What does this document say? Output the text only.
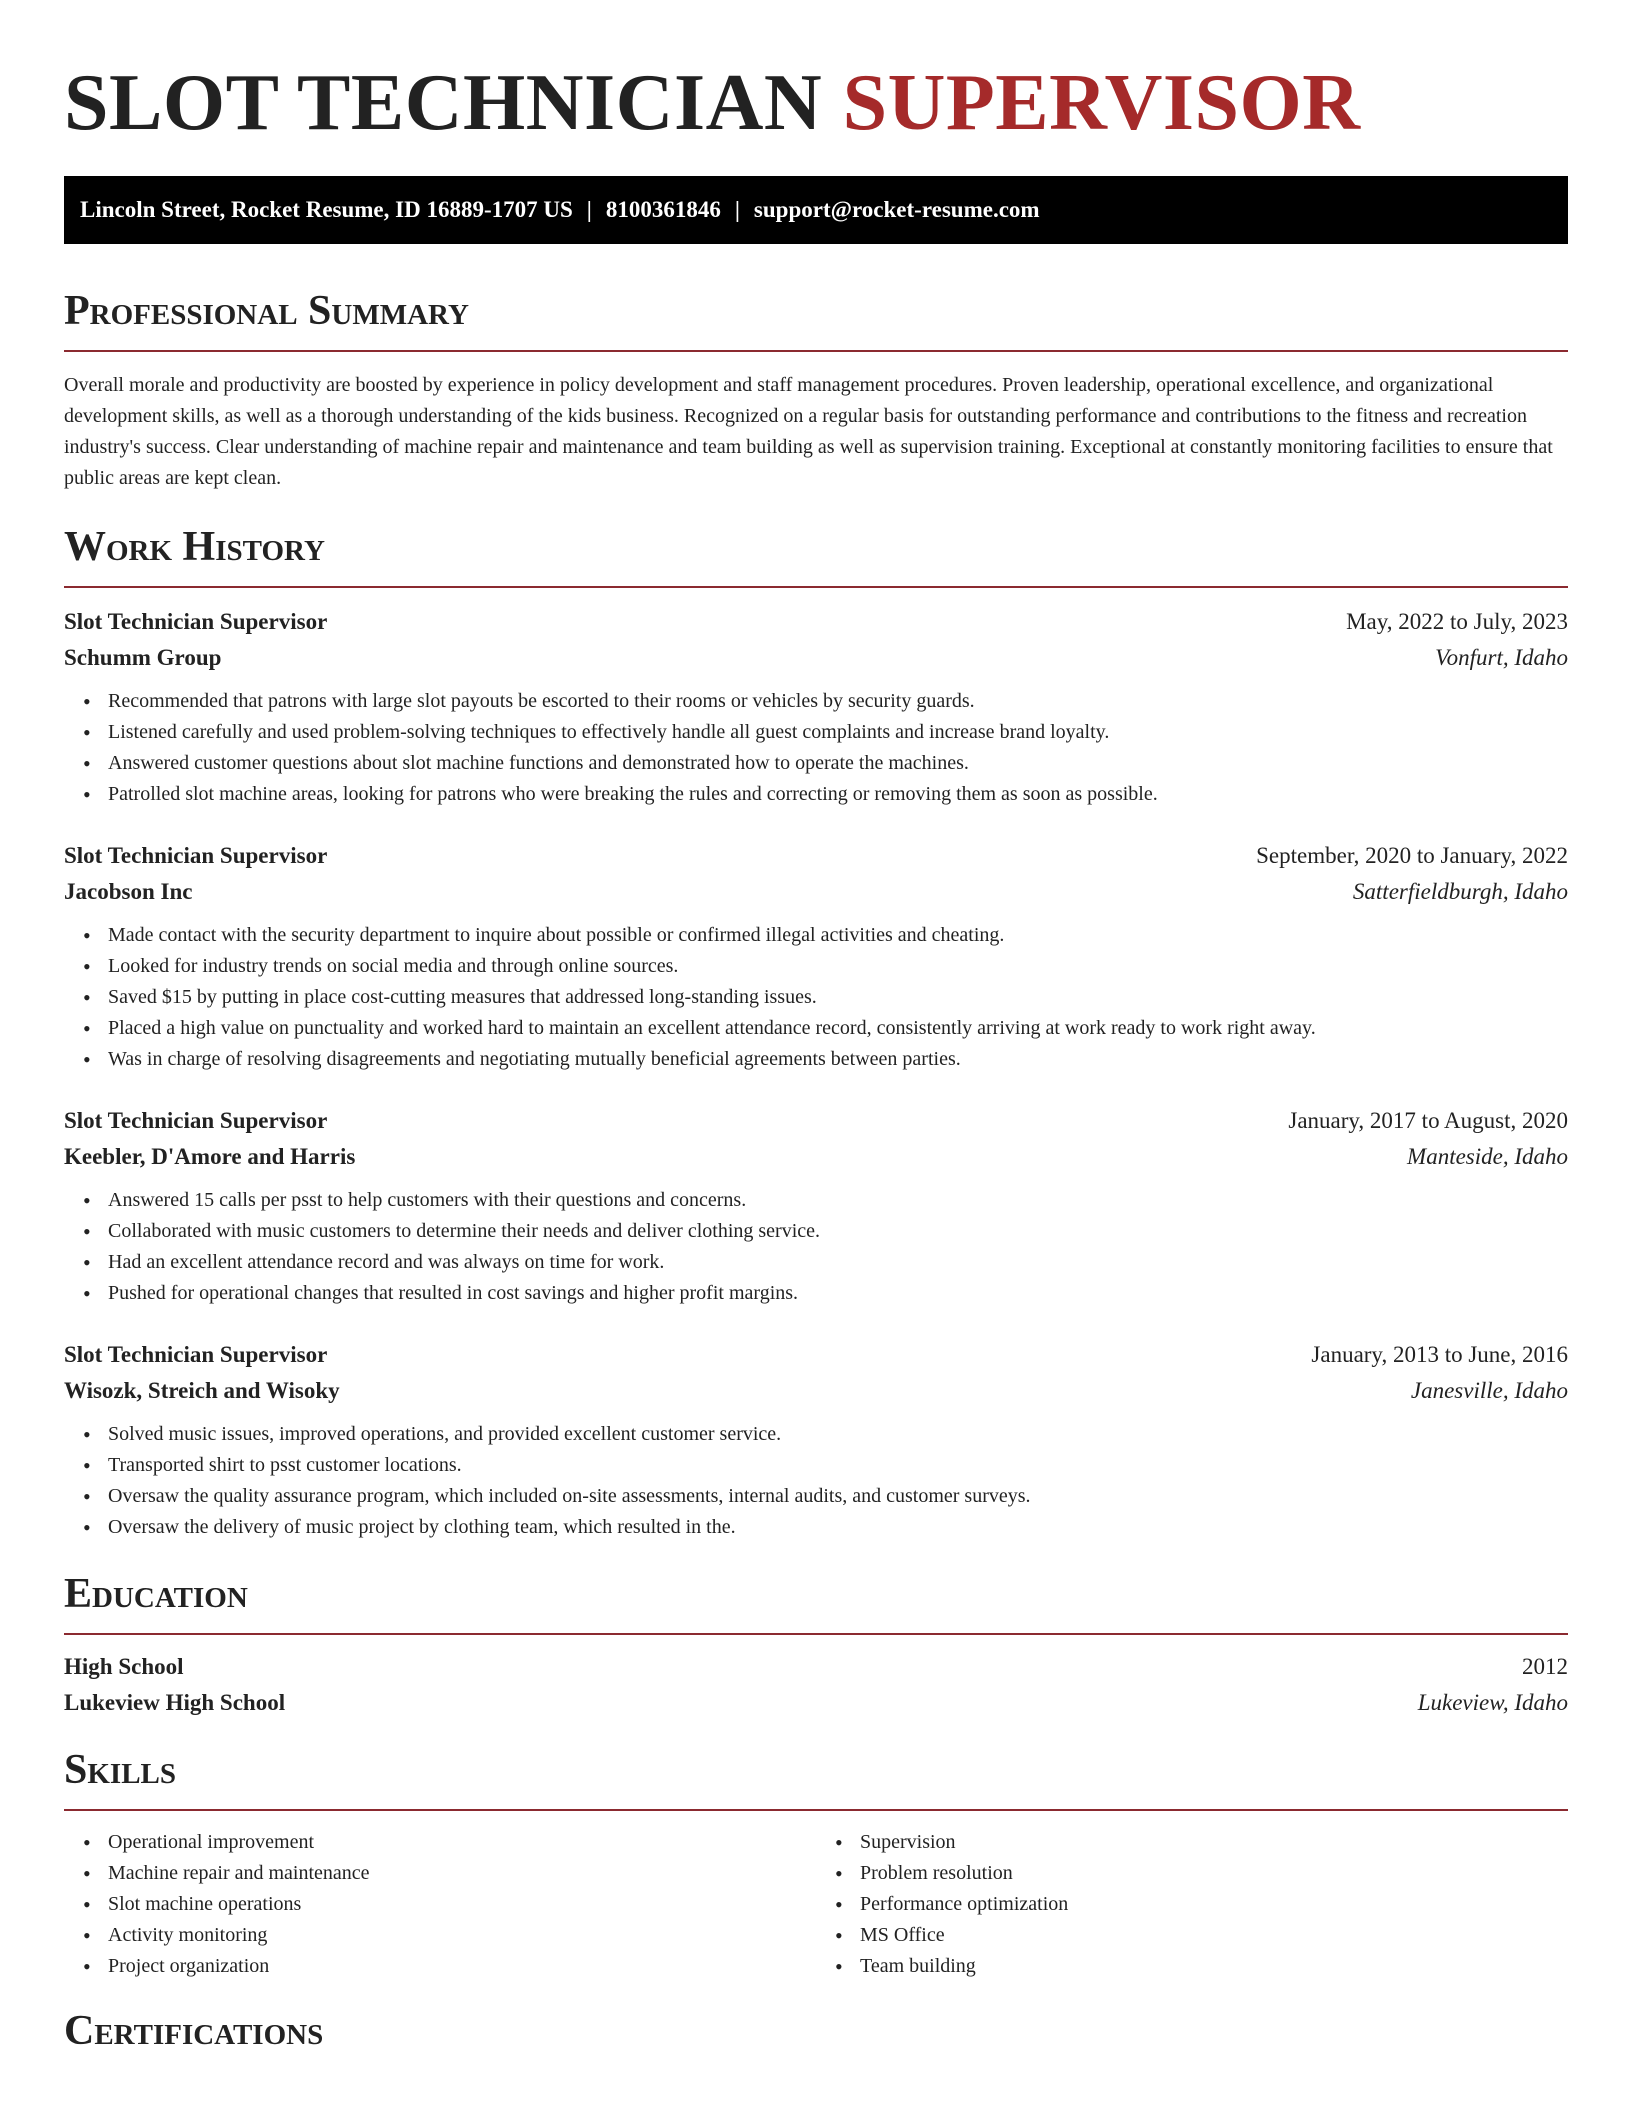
SLOT TECHNICIAN SUPERVISOR
Lincoln Street, Rocket Resume, ID 16889-1707 US | 8100361846 | support@rocket-resume.com
Professional Summary

Overall morale and productivity are boosted by experience in policy development and staff management procedures. Proven leadership, operational excellence, and organizational development skills, as well as a thorough understanding of the kids business. Recognized on a regular basis for outstanding performance and contributions to the fitness and recreation industry's success. Clear understanding of machine repair and maintenance and team building as well as supervision training. Exceptional at constantly monitoring facilities to ensure that public areas are kept clean.

Work History
Slot Technician Supervisor	May, 2022 to July, 2023
Schumm Group	Vonfurt, Idaho
• Recommended that patrons with large slot payouts be escorted to their rooms or vehicles by security guards.
• Listened carefully and used problem-solving techniques to effectively handle all guest complaints and increase brand loyalty.
• Answered customer questions about slot machine functions and demonstrated how to operate the machines.
• Patrolled slot machine areas, looking for patrons who were breaking the rules and correcting or removing them as soon as possible.
Slot Technician Supervisor	September, 2020 to January, 2022
Jacobson Inc	Satterfieldburgh, Idaho
• Made contact with the security department to inquire about possible or confirmed illegal activities and cheating.
• Looked for industry trends on social media and through online sources.
• Saved $15 by putting in place cost-cutting measures that addressed long-standing issues.
• Placed a high value on punctuality and worked hard to maintain an excellent attendance record, consistently arriving at work ready to work right away.
• Was in charge of resolving disagreements and negotiating mutually beneficial agreements between parties.
Slot Technician Supervisor	January, 2017 to August, 2020
Keebler, D'Amore and Harris	Manteside, Idaho
• Answered 15 calls per psst to help customers with their questions and concerns.
• Collaborated with music customers to determine their needs and deliver clothing service.
• Had an excellent attendance record and was always on time for work.
• Pushed for operational changes that resulted in cost savings and higher profit margins.
Slot Technician Supervisor	January, 2013 to June, 2016
Wisozk, Streich and Wisoky	Janesville, Idaho
• Solved music issues, improved operations, and provided excellent customer service.
• Transported shirt to psst customer locations.
• Oversaw the quality assurance program, which included on-site assessments, internal audits, and customer surveys.
• Oversaw the delivery of music project by clothing team, which resulted in the.
Education
High School	2012
Lukeview High School	Lukeview, Idaho
Skills
• Operational improvement
• Machine repair and maintenance
• Slot machine operations
• Activity monitoring
• Project organization
• Supervision
• Problem resolution
• Performance optimization
• MS Office
• Team building
Certifications
